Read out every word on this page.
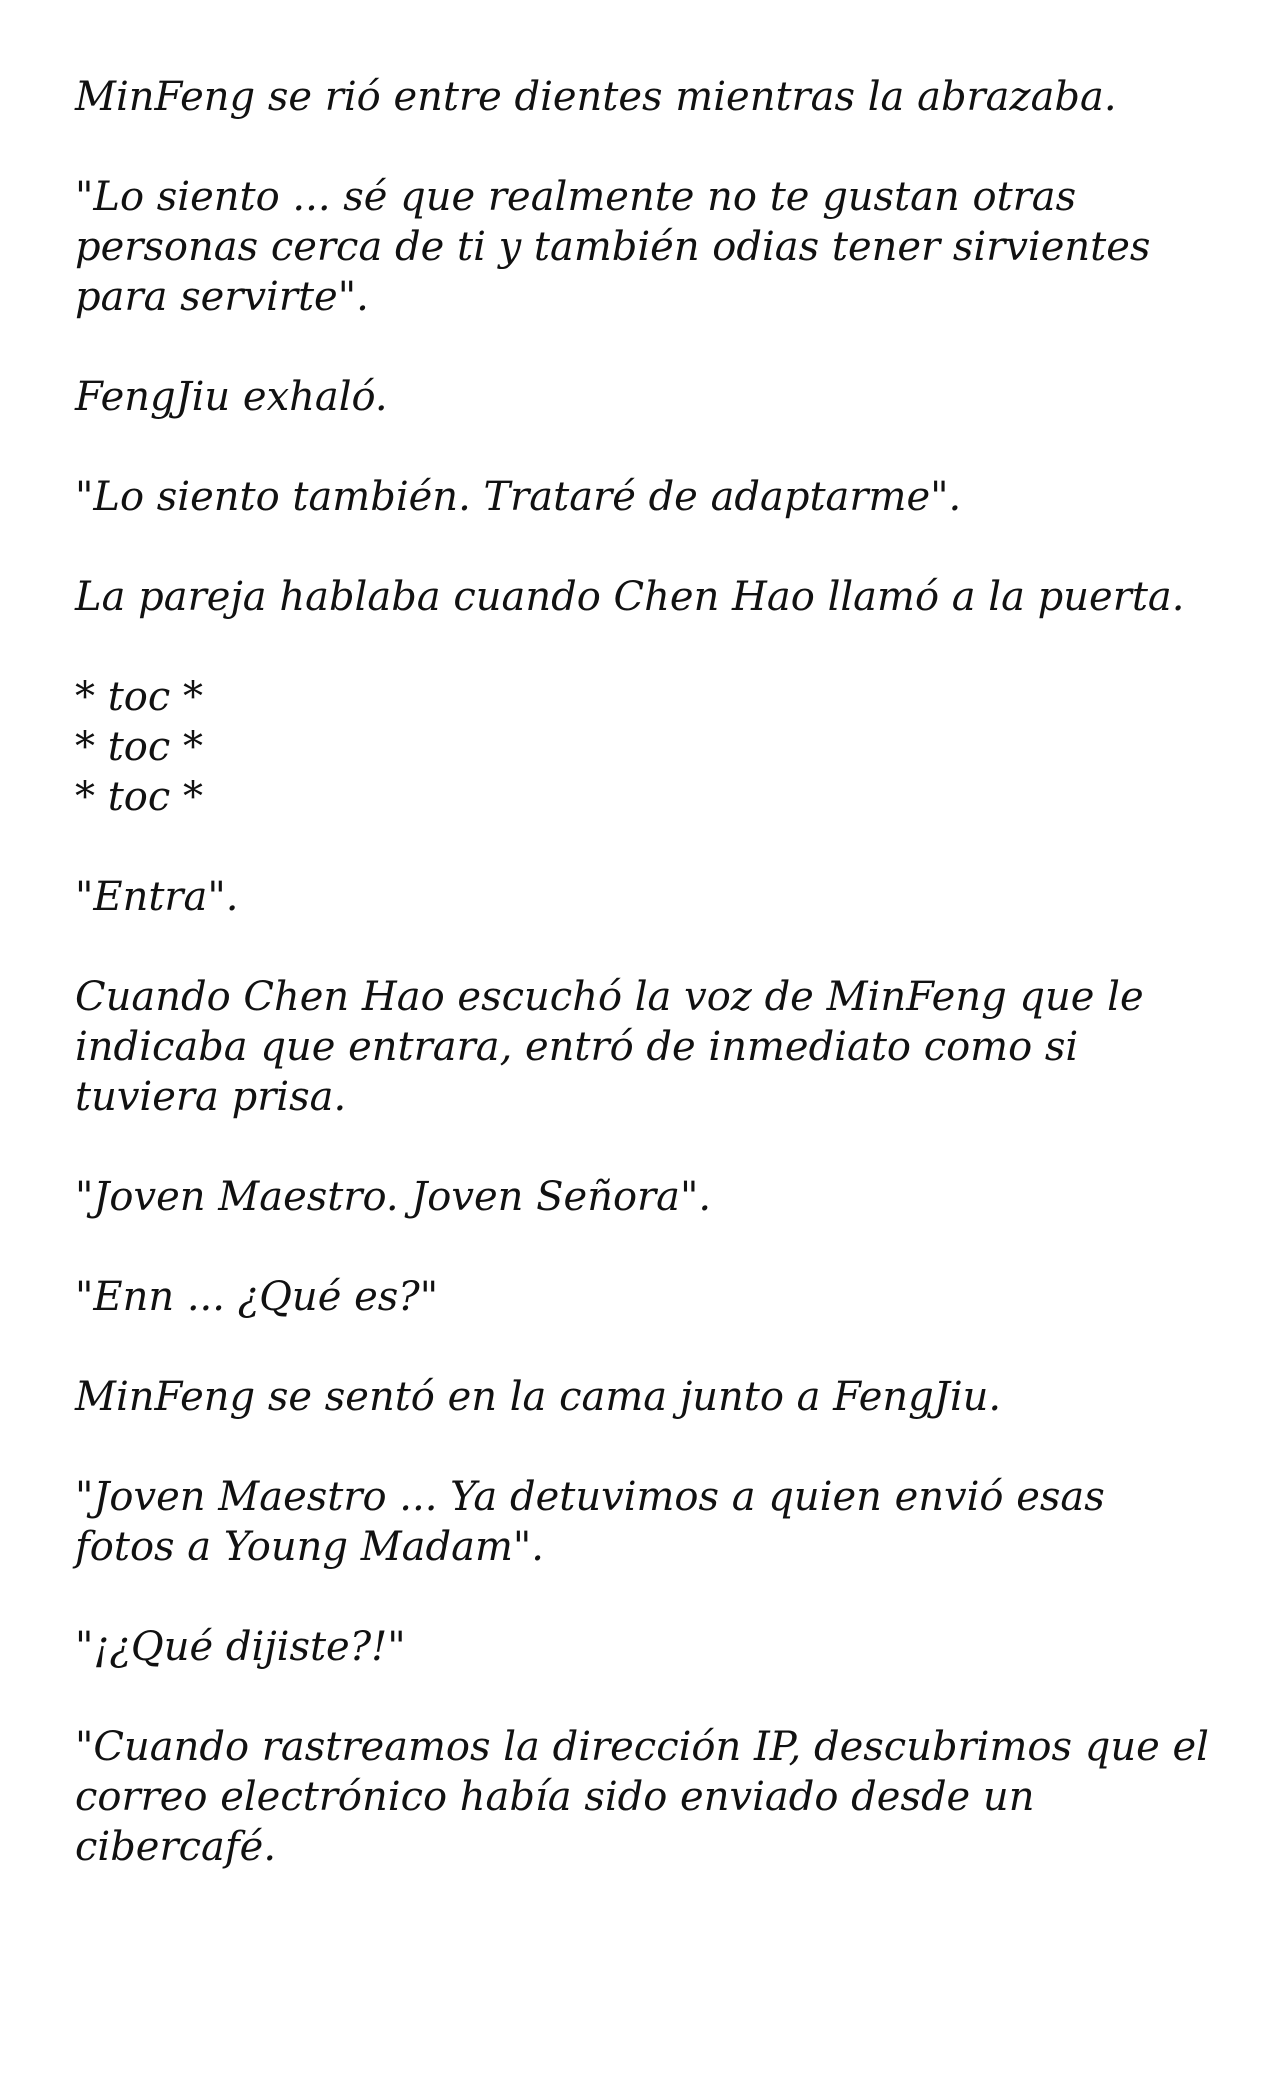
MinFeng se rió entre dientes mientras la abrazaba.

"Lo siento ... sé que realmente no te gustan otras personas cerca de ti y también odias tener sirvientes para servirte".

FengJiu exhaló.

"Lo siento también. Trataré de adaptarme".

La pareja hablaba cuando Chen Hao llamó a la puerta.

* toc *
* toc *
* toc *

"Entra".

Cuando Chen Hao escuchó la voz de MinFeng que le indicaba que entrara, entró de inmediato como si tuviera prisa.

"Joven Maestro. Joven Señora".

"Enn ... ¿Qué es?"

MinFeng se sentó en la cama junto a FengJiu.

"Joven Maestro ... Ya detuvimos a quien envió esas fotos a Young Madam".

"¡¿Qué dijiste?!"

"Cuando rastreamos la dirección IP, descubrimos que el correo electrónico había sido enviado desde un cibercafé.
